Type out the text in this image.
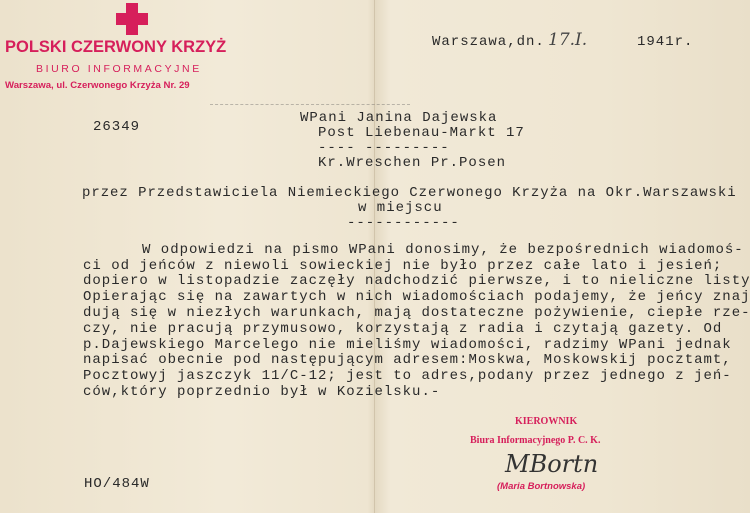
POLSKI CZERWONY KRZYŻ
BIURO INFORMACYJNE
Warszawa, ul. Czerwonego Krzyża Nr. 29
Warszawa,dn. 17.I.	1941r.
26349
WPani Janina Dajewska
Post Liebenau-Markt 17
---- ---------
Kr.Wreschen Pr.Posen
przez Przedstawiciela Niemieckiego Czerwonego Krzyża na Okr.Warszawski
w miejscu
------------
W odpowiedzi na pismo WPani donosimy, że bezpośrednich wiadomoś-
ci od jeńców z niewoli sowieckiej nie było przez całe lato i jesień;
dopiero w listopadzie zaczęły nadchodzić pierwsze, i to nieliczne listy
Opierając się na zawartych w nich wiadomościach podajemy, że jeńcy znaj
dują się w niezłych warunkach, mają dostateczne pożywienie, ciepłe rze-
czy, nie pracują przymusowo, korzystają z radia i czytają gazety. Od
p.Dajewskiego Marcelego nie mieliśmy wiadomości, radzimy WPani jednak
napisać obecnie pod następującym adresem:Moskwa, Moskowskij pocztamt,
Pocztowyj jaszczyk 11/C-12; jest to adres,podany przez jednego z jeń-
ców,który poprzednio był w Kozielsku.-
KIEROWNIK
Biura Informacyjnego P. C. K.
MBortn
(Maria Bortnowska)
HO/484W
